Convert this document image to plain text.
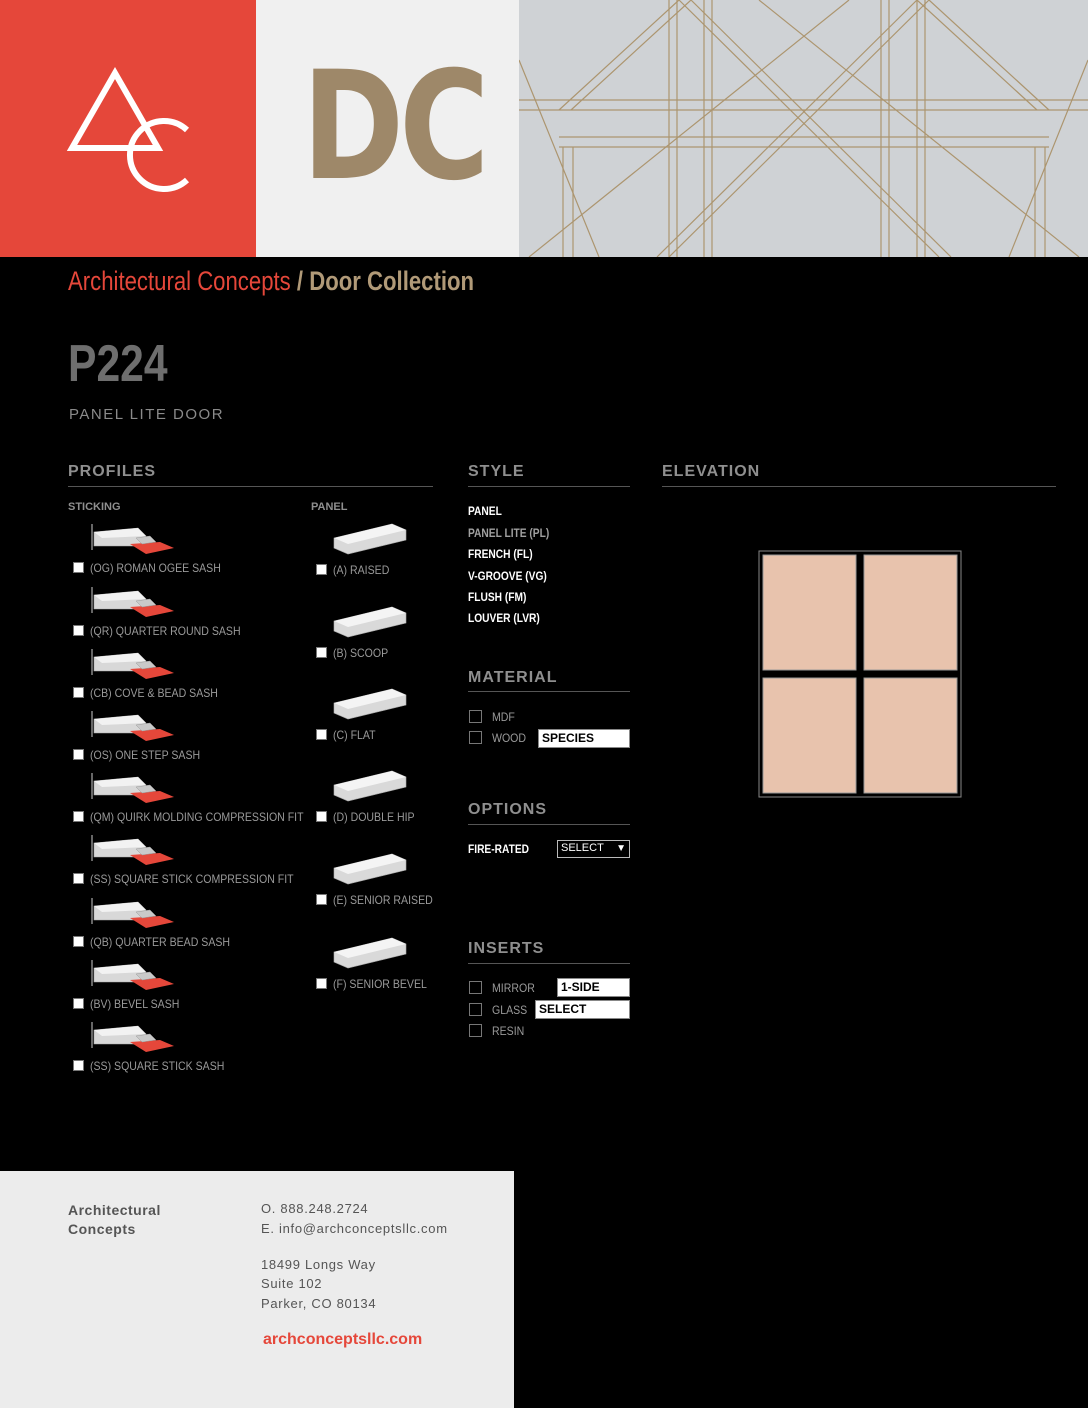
DC
Architectural Concepts / Door Collection
P224
PANEL LITE DOOR
PROFILES
STICKING	PANEL
(OG) ROMAN OGEE SASH
(QR) QUARTER ROUND SASH
(CB) COVE & BEAD SASH
(OS) ONE STEP SASH
(QM) QUIRK MOLDING COMPRESSION FIT
(SS) SQUARE STICK COMPRESSION FIT
(QB) QUARTER BEAD SASH
(BV) BEVEL SASH
(SS) SQUARE STICK SASH
(A) RAISED
(B) SCOOP
(C) FLAT
(D) DOUBLE HIP
(E) SENIOR RAISED
(F) SENIOR BEVEL
STYLE
PANEL
PANEL LITE (PL)
FRENCH (FL)
V-GROOVE (VG)
FLUSH (FM)
LOUVER (LVR)
MATERIAL
MDF
WOOD	SPECIES
OPTIONS
FIRE-RATED	SELECT ▼
INSERTS
MIRROR	1-SIDE
GLASS SELECT
RESIN
ELEVATION
Architectural
Concepts
O. 888.248.2724
E. info@archconceptsllc.com
18499 Longs Way
Suite 102
Parker, CO 80134
archconceptsllc.com
